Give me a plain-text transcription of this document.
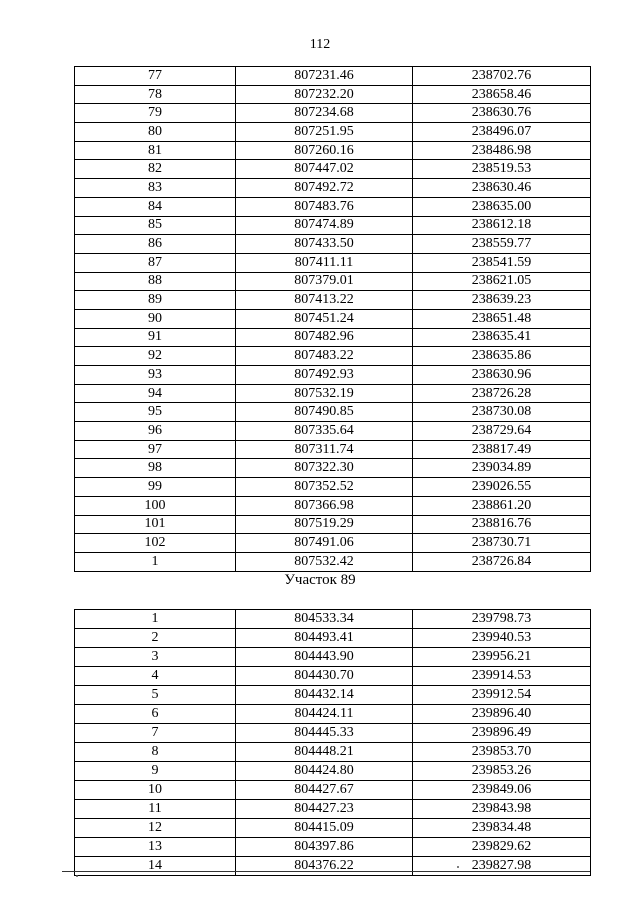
112
77	807231.46	238702.76
78	807232.20	238658.46
79	807234.68	238630.76
80	807251.95	238496.07
81	807260.16	238486.98
82	807447.02	238519.53
83	807492.72	238630.46
84	807483.76	238635.00
85	807474.89	238612.18
86	807433.50	238559.77
87	807411.11	238541.59
88	807379.01	238621.05
89	807413.22	238639.23
90	807451.24	238651.48
91	807482.96	238635.41
92	807483.22	238635.86
93	807492.93	238630.96
94	807532.19	238726.28
95	807490.85	238730.08
96	807335.64	238729.64
97	807311.74	238817.49
98	807322.30	239034.89
99	807352.52	239026.55
100	807366.98	238861.20
101	807519.29	238816.76
102	807491.06	238730.71
1	807532.42	238726.84
Участок 89
1	804533.34	239798.73
2	804493.41	239940.53
3	804443.90	239956.21
4	804430.70	239914.53
5	804432.14	239912.54
6	804424.11	239896.40
7	804445.33	239896.49
8	804448.21	239853.70
9	804424.80	239853.26
10	804427.67	239849.06
11	804427.23	239843.98
12	804415.09	239834.48
13	804397.86	239829.62
14	804376.22	239827.98
